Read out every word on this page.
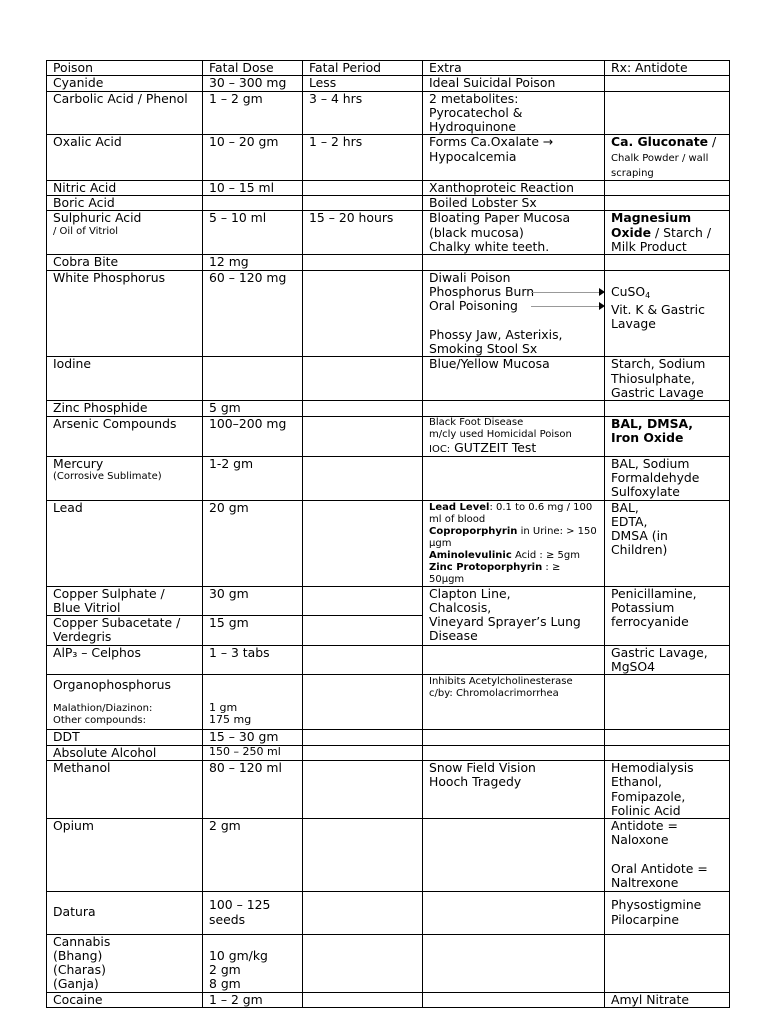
Poison	Fatal Dose	Fatal Period	Extra	Rx: Antidote
Cyanide	30 – 300 mg	Less	Ideal Suicidal Poison	
Carbolic Acid / Phenol	1 – 2 gm	3 – 4 hrs	2 metabolites:
Pyrocatechol &
Hydroquinone	

Oxalic Acid	10 – 20 gm	1 – 2 hrs	Forms Ca.Oxalate →
Hypocalcemia	Ca. Gluconate / Chalk Powder / wall scraping
Nitric Acid	10 – 15 ml		Xanthoproteic Reaction	
Boric Acid			Boiled Lobster Sx	

Sulphuric Acid
/ Oil of Vitriol	5 – 10 ml	15 – 20 hours	Bloating Paper Mucosa
(black mucosa)
Chalky white teeth.	Magnesium Oxide / Starch / Milk Product
Cobra Bite	12 mg			
White Phosphorus	60 – 120 mg		Diwali Poison
Phosphorus Burn
Oral Poisoning

Phossy Jaw, Asterixis,
Smoking Stool Sx	CuSO$_4$
Vit. K & Gastric Lavage

Iodine			Blue/Yellow Mucosa	Starch, Sodium
Thiosulphate,
Gastric Lavage

Zinc Phosphide	5 gm			
Arsenic Compounds	100–200 mg		Black Foot Disease
m/cly used Homicidal Poison
IOC: GUTZEIT Test	BAL, DMSA,
Iron Oxide

Mercury
(Corrosive Sublimate)	1-2 gm			BAL, Sodium
Formaldehyde
Sulfoxylate

Lead	20 gm		Lead Level: 0.1 to 0.6 mg / 100 ml of blood
Coproporphyrin in Urine: > 150 μgm
Aminolevulinic Acid : ≥ 5gm
Zinc Protoporphyrin : ≥ 50μgm	BAL,
EDTA,
DMSA (in
Children)

Copper Sulphate /
Blue Vitriol	30 gm		Clapton Line,
Chalcosis,
Vineyard Sprayer’s Lung
Disease	Penicillamine,
Potassium
ferrocyanide

Copper Subacetate /
Verdegris	15 gm			
AlP₃ – Celphos	1 – 3 tabs			Gastric Lavage,
MgSO4

Organophosphorus
Malathion/Diazinon:
Other compounds:	1 gm
175 mg		Inhibits Acetylcholinesterase
c/by: Chromolacrimorrhea	

DDT	15 – 30 gm			
Absolute Alcohol	150 – 250 ml			
Methanol	80 – 120 ml		Snow Field Vision
Hooch Tragedy	Hemodialysis
Ethanol,
Fomipazole,
Folinic Acid

Opium	2 gm			Antidote =
Naloxone

Oral Antidote =
Naltrexone

Datura	100 – 125
seeds			Physostigmine
Pilocarpine

Cannabis
(Bhang)
(Charas)
(Ganja)	10 gm/kg
2 gm
8 gm			

Cocaine	1 – 2 gm			Amyl Nitrate
